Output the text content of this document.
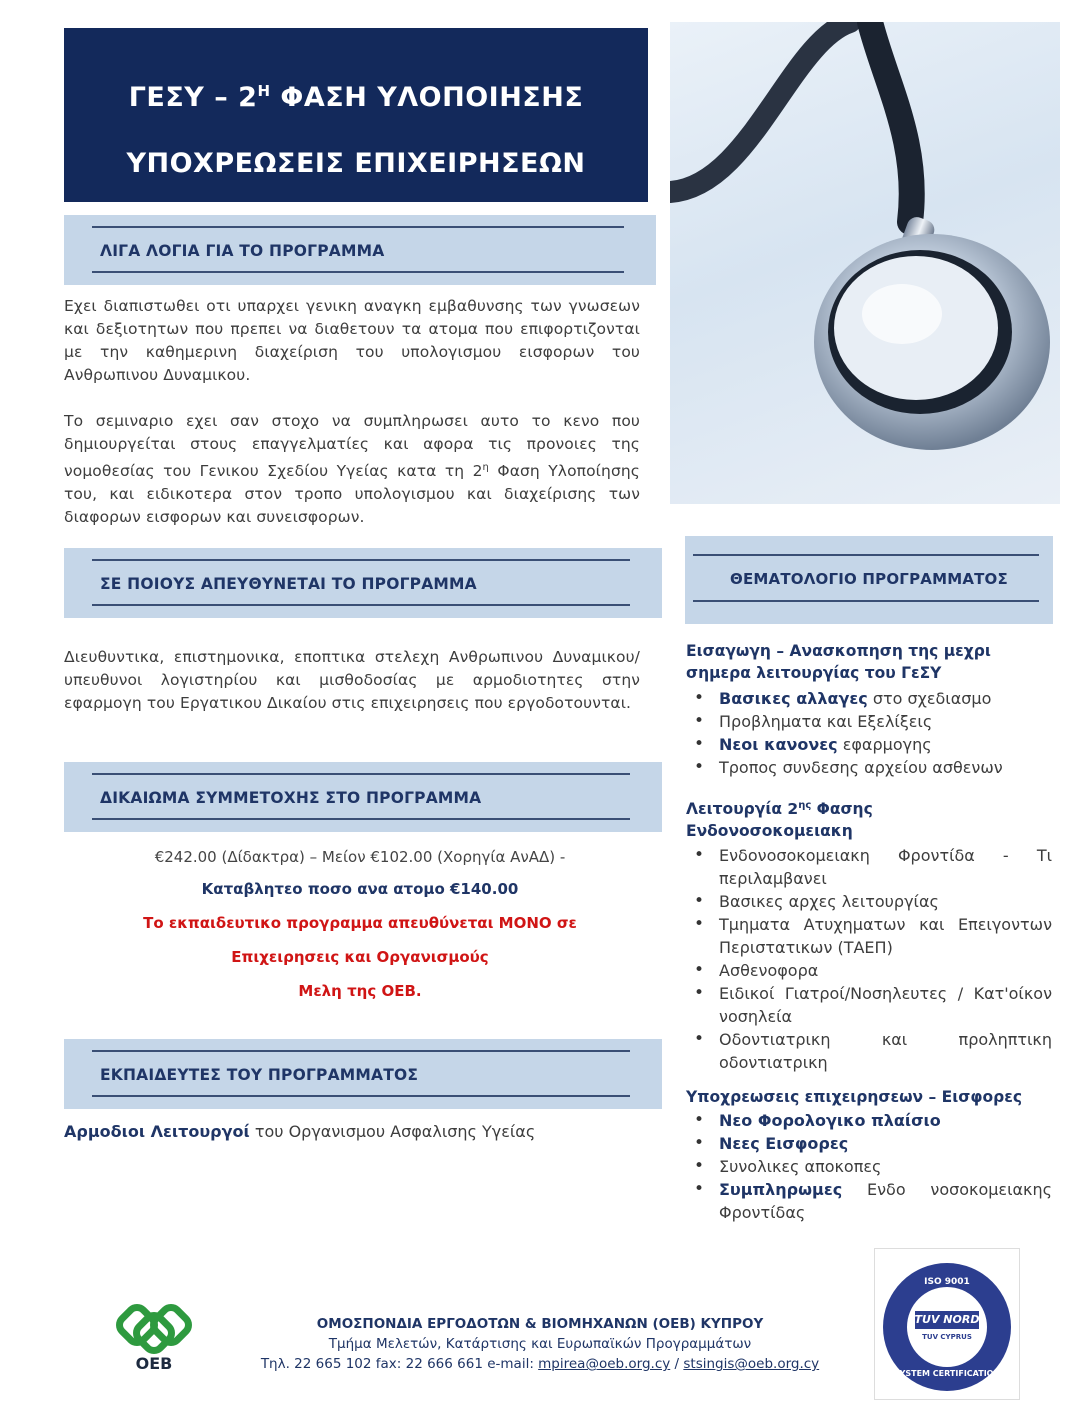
ΓΕΣΥ – $2^H$ ΦΑΣΗ ΥΛΟΠΟΙΗΣΗΣ
ΥΠΟΧΡΕΩΣΕΙΣ ΕΠΙΧΕΙΡΗΣΕΩΝ
ΛΙΓΑ ΛΟΓΙΑ ΓΙΑ ΤΟ ΠΡΟΓΡΑΜΜΑ
Εχει διαπιστωθει οτι υπαρχει γενικη αναγκη εμβαθυνσης των γνωσεων και δεξιοτητων που πρεπει να διαθετουν τα ατομα που επιφορτιζονται με την καθημερινη διαχείριση του υπολογισμου εισφορων του Ανθρωπινου Δυναμικου.
Το σεμιναριο εχει σαν στοχο να συμπληρωσει αυτο το κενο που δημιουργείται στους επαγγελματίες και αφορα τις προνοιες της νομοθεσίας του Γενικου Σχεδίου Υγείας κατα τη $2^\eta$ Φαση Υλοποίησης του, και ειδικοτερα στον τροπο υπολογισμου και διαχείρισης των διαφορων εισφορων και συνεισφορων.
ΣΕ ΠΟΙΟΥΣ ΑΠΕΥΘΥΝΕΤΑΙ ΤΟ ΠΡΟΓΡΑΜΜΑ
Διευθυντικα, επιστημονικα, εποπτικα στελεχη Ανθρωπινου Δυναμικου/ υπευθυνοι λογιστηρίου και μισθοδοσίας με αρμοδιοτητες στην εφαρμογη του Εργατικου Δικαίου στις επιχειρησεις που εργοδοτουνται.
ΔΙΚΑΙΩΜΑ ΣΥΜΜΕΤΟΧΗΣ ΣΤΟ ΠΡΟΓΡΑΜΜΑ
€242.00 (Δίδακτρα) – Μείον €102.00 (Χορηγία ΑνΑΔ) -
Καταβλητεο ποσο ανα ατομο €140.00
Το εκπαιδευτικο προγραμμα απευθύνεται ΜΟΝΟ σε
Επιχειρησεις και Οργανισμούς
Μελη της ΟΕΒ.
ΕΚΠΑΙΔΕΥΤΕΣ ΤΟΥ ΠΡΟΓΡΑΜΜΑΤΟΣ
Αρμοδιοι Λειτουργοί του Οργανισμου Ασφαλισης Υγείας
ΘΕΜΑΤΟΛΟΓΙΟ ΠΡΟΓΡΑΜΜΑΤΟΣ
Εισαγωγη – Ανασκοπηση της μεχρι σημερα λειτουργίας του ΓεΣΥ
• Βασικες αλλαγες στο σχεδιασμο
• Προβληματα και Εξελίξεις
• Νεοι κανονες εφαρμογης
• Τροπος συνδεσης αρχείου ασθενων
Λειτουργία $2^{\eta\varsigma}$ Φασης
Ενδονοσοκομειακη
• Ενδονοσοκομειακη Φροντίδα - Τι περιλαμβανει
• Βασικες αρχες λειτουργίας
• Τμηματα Ατυχηματων και Επειγοντων Περιστατικων (ΤΑΕΠ)
• Ασθενοφορα
• Ειδικοί Γιατροί/Νοσηλευτες / Κατ'οίκον νοσηλεία
• Οδοντιατρικη και προληπτικη οδοντιατρικη
Υποχρεωσεις επιχειρησεων – Εισφορες
• Νεο Φορολογικο πλαίσιο
• Νεες Εισφορες
• Συνολικες αποκοπες
• Συμπληρωμες Ενδο νοσοκομειακης Φροντίδας
ΟΕΒ
ΟΜΟΣΠΟΝΔΙΑ ΕΡΓΟΔΟΤΩΝ & ΒΙΟΜΗΧΑΝΩΝ (ΟΕΒ) ΚΥΠΡΟΥ
Τμήμα Μελετών, Κατάρτισης και Ευρωπαϊκών Προγραμμάτων
Τηλ. 22 665 102 fax: 22 666 661 e-mail: mpirea@oeb.org.cy / stsingis@oeb.org.cy
ISO 9001
TUV NORD
TUV CYPRUS
SYSTEM CERTIFICATION
